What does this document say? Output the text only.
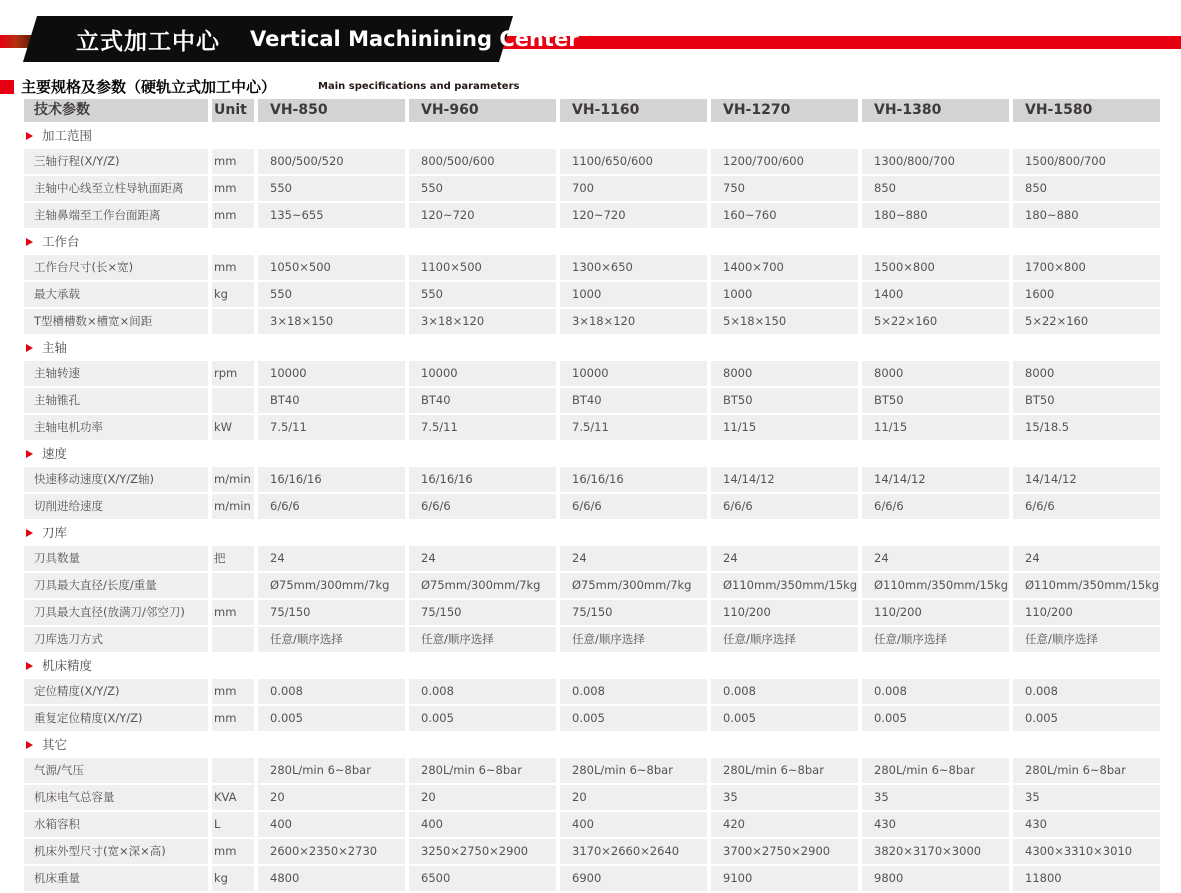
立式加工中心 Vertical Machinining Center
主要规格及参数（硬轨立式加工中心）	Main specifications and parameters
技术参数	Unit	VH-850	VH-960	VH-1160	VH-1270	VH-1380	VH-1580
加工范围							
三轴行程(X/Y/Z)	mm	800/500/520	800/500/600	1100/650/600	1200/700/600	1300/800/700	1500/800/700
主轴中心线至立柱导轨面距离	mm	550	550	700	750	850	850
主轴鼻端至工作台面距离	mm	135~655	120~720	120~720	160~760	180~880	180~880
工作台							
工作台尺寸(长×宽)	mm	1050×500	1100×500	1300×650	1400×700	1500×800	1700×800
最大承载	kg	550	550	1000	1000	1400	1600
T型槽槽数×槽宽×间距		3×18×150	3×18×120	3×18×120	5×18×150	5×22×160	5×22×160
主轴							
主轴转速	rpm	10000	10000	10000	8000	8000	8000
主轴锥孔		BT40	BT40	BT40	BT50	BT50	BT50
主轴电机功率	kW	7.5/11	7.5/11	7.5/11	11/15	11/15	15/18.5
速度							
快速移动速度(X/Y/Z轴)	m/min	16/16/16	16/16/16	16/16/16	14/14/12	14/14/12	14/14/12
切削进给速度	m/min	6/6/6	6/6/6	6/6/6	6/6/6	6/6/6	6/6/6
刀库							
刀具数量	把	24	24	24	24	24	24
刀具最大直径/长度/重量		Ø75mm/300mm/7kg	Ø75mm/300mm/7kg	Ø75mm/300mm/7kg	Ø110mm/350mm/15kg	Ø110mm/350mm/15kg	Ø110mm/350mm/15kg
刀具最大直径(放满刀/邻空刀)	mm	75/150	75/150	75/150	110/200	110/200	110/200
刀库选刀方式		任意/顺序选择	任意/顺序选择	任意/顺序选择	任意/顺序选择	任意/顺序选择	任意/顺序选择
机床精度							
定位精度(X/Y/Z)	mm	0.008	0.008	0.008	0.008	0.008	0.008
重复定位精度(X/Y/Z)	mm	0.005	0.005	0.005	0.005	0.005	0.005
其它							
气源/气压		280L/min 6~8bar	280L/min 6~8bar	280L/min 6~8bar	280L/min 6~8bar	280L/min 6~8bar	280L/min 6~8bar
机床电气总容量	KVA	20	20	20	35	35	35
水箱容积	L	400	400	400	420	430	430
机床外型尺寸(宽×深×高)	mm	2600×2350×2730	3250×2750×2900	3170×2660×2640	3700×2750×2900	3820×3170×3000	4300×3310×3010
机床重量	kg	4800	6500	6900	9100	9800	11800
